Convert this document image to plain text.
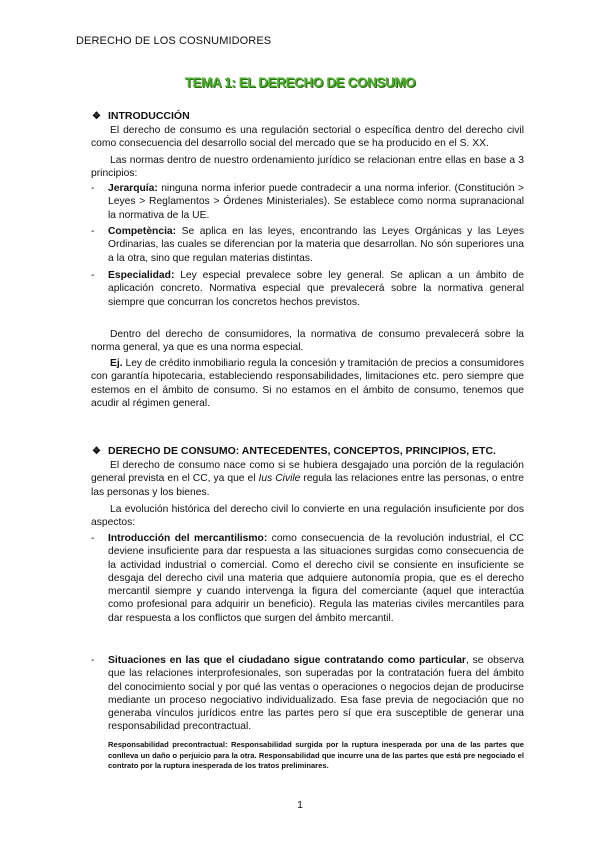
DERECHO DE LOS COSNUMIDORES
TEMA 1: EL DERECHO DE CONSUMO
❖ INTRODUCCIÓN
El derecho de consumo es una regulación sectorial o específica dentro del derecho civil como consecuencia del desarrollo social del mercado que se ha producido en el S. XX.
Las normas dentro de nuestro ordenamiento jurídico se relacionan entre ellas en base a 3 principios:
-	Jerarquía: ninguna norma inferior puede contradecir a una norma inferior. (Constitución > Leyes > Reglamentos > Órdenes Ministeriales). Se establece como norma supranacional la normativa de la UE.
-	Competència: Se aplica en las leyes, encontrando las Leyes Orgánicas y las Leyes Ordinarias, las cuales se diferencian por la materia que desarrollan. No són superiores una a la otra, sino que regulan materias distintas.
-	Especialidad: Ley especial prevalece sobre ley general. Se aplican a un ámbito de aplicación concreto. Normativa especial que prevalecerá sobre la normativa general siempre que concurran los concretos hechos previstos.
Dentro del derecho de consumidores, la normativa de consumo prevalecerá sobre la norma general, ya que es una norma especial.
Ej. Ley de crédito inmobiliario regula la concesión y tramitación de precios a consumidores con garantía hipotecaria, estableciendo responsabilidades, limitaciones etc. pero siempre que estemos en el ámbito de consumo. Si no estamos en el ámbito de consumo, tenemos que acudir al régimen general.
❖ DERECHO DE CONSUMO: ANTECEDENTES, CONCEPTOS, PRINCIPIOS, ETC.
El derecho de consumo nace como si se hubiera desgajado una porción de la regulación general prevista en el CC, ya que el Ius Civile regula las relaciones entre las personas, o entre las personas y los bienes.
La evolución histórica del derecho civil lo convierte en una regulación insuficiente por dos aspectos:
-	Introducción del mercantilismo: como consecuencia de la revolución industrial, el CC deviene insuficiente para dar respuesta a las situaciones surgidas como consecuencia de la actividad industrial o comercial. Como el derecho civil se consiente en insuficiente se desgaja del derecho civil una materia que adquiere autonomía propia, que es el derecho mercantil siempre y cuando intervenga la figura del comerciante (aquel que interactúa como profesional para adquirir un beneficio). Regula las materias civiles mercantiles para dar respuesta a los conflictos que surgen del ámbito mercantil.
-	Situaciones en las que el ciudadano sigue contratando como particular, se observa que las relaciones interprofesionales, son superadas por la contratación fuera del ámbito del conocimiento social y por qué las ventas o operaciones o negocios dejan de producirse mediante un proceso negociativo individualizado. Esa fase previa de negociación que no generaba vínculos jurídicos entre las partes pero sí que era susceptible de generar una responsabilidad precontractual.
Responsabilidad precontractual: Responsabilidad surgida por la ruptura inesperada por una de las partes que conlleva un daño o perjuicio para la otra. Responsabilidad que incurre una de las partes que está pre negociado el contrato por la ruptura inesperada de los tratos preliminares.
1
